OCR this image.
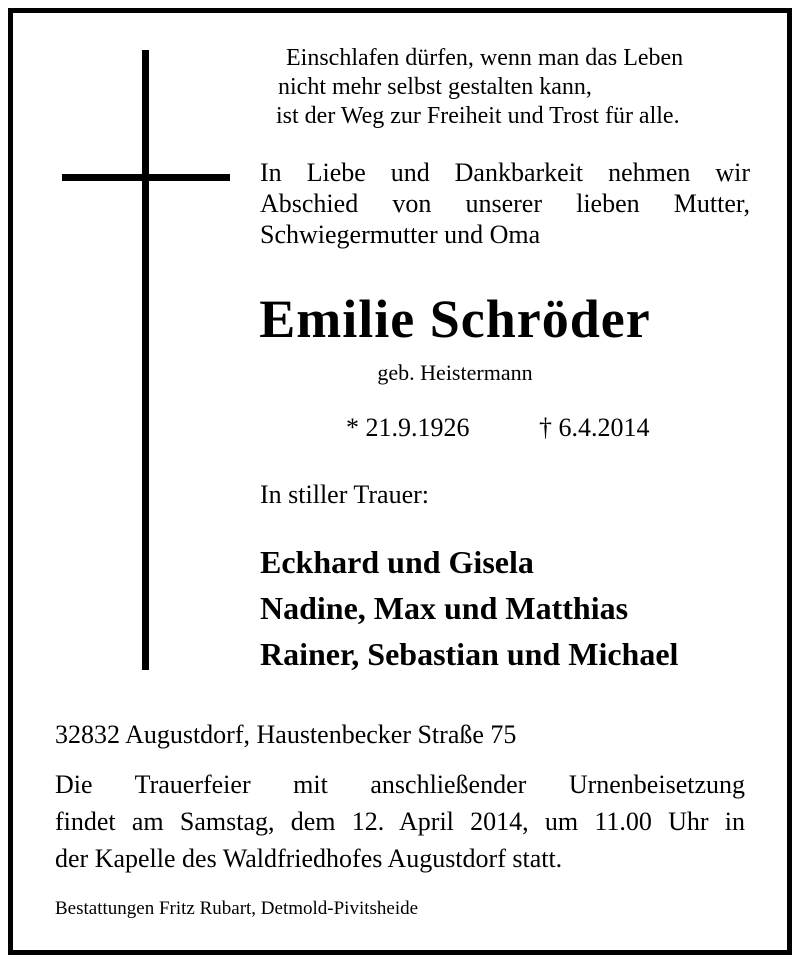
Einschlafen dürfen, wenn man das Leben
nicht mehr selbst gestalten kann,
ist der Weg zur Freiheit und Trost für alle.
In Liebe und Dankbarkeit nehmen wir
Abschied von unserer lieben Mutter,
Schwiegermutter und Oma
Emilie Schröder
geb. Heistermann
* 21.9.1926	† 6.4.2014
In stiller Trauer:
Eckhard und Gisela
Nadine, Max und Matthias
Rainer, Sebastian und Michael
32832 Augustdorf, Haustenbecker Straße 75
Die Trauerfeier mit anschließender Urnenbeisetzung
findet am Samstag, dem 12. April 2014, um 11.00 Uhr in
der Kapelle des Waldfriedhofes Augustdorf statt.
Bestattungen Fritz Rubart, Detmold-Pivitsheide
